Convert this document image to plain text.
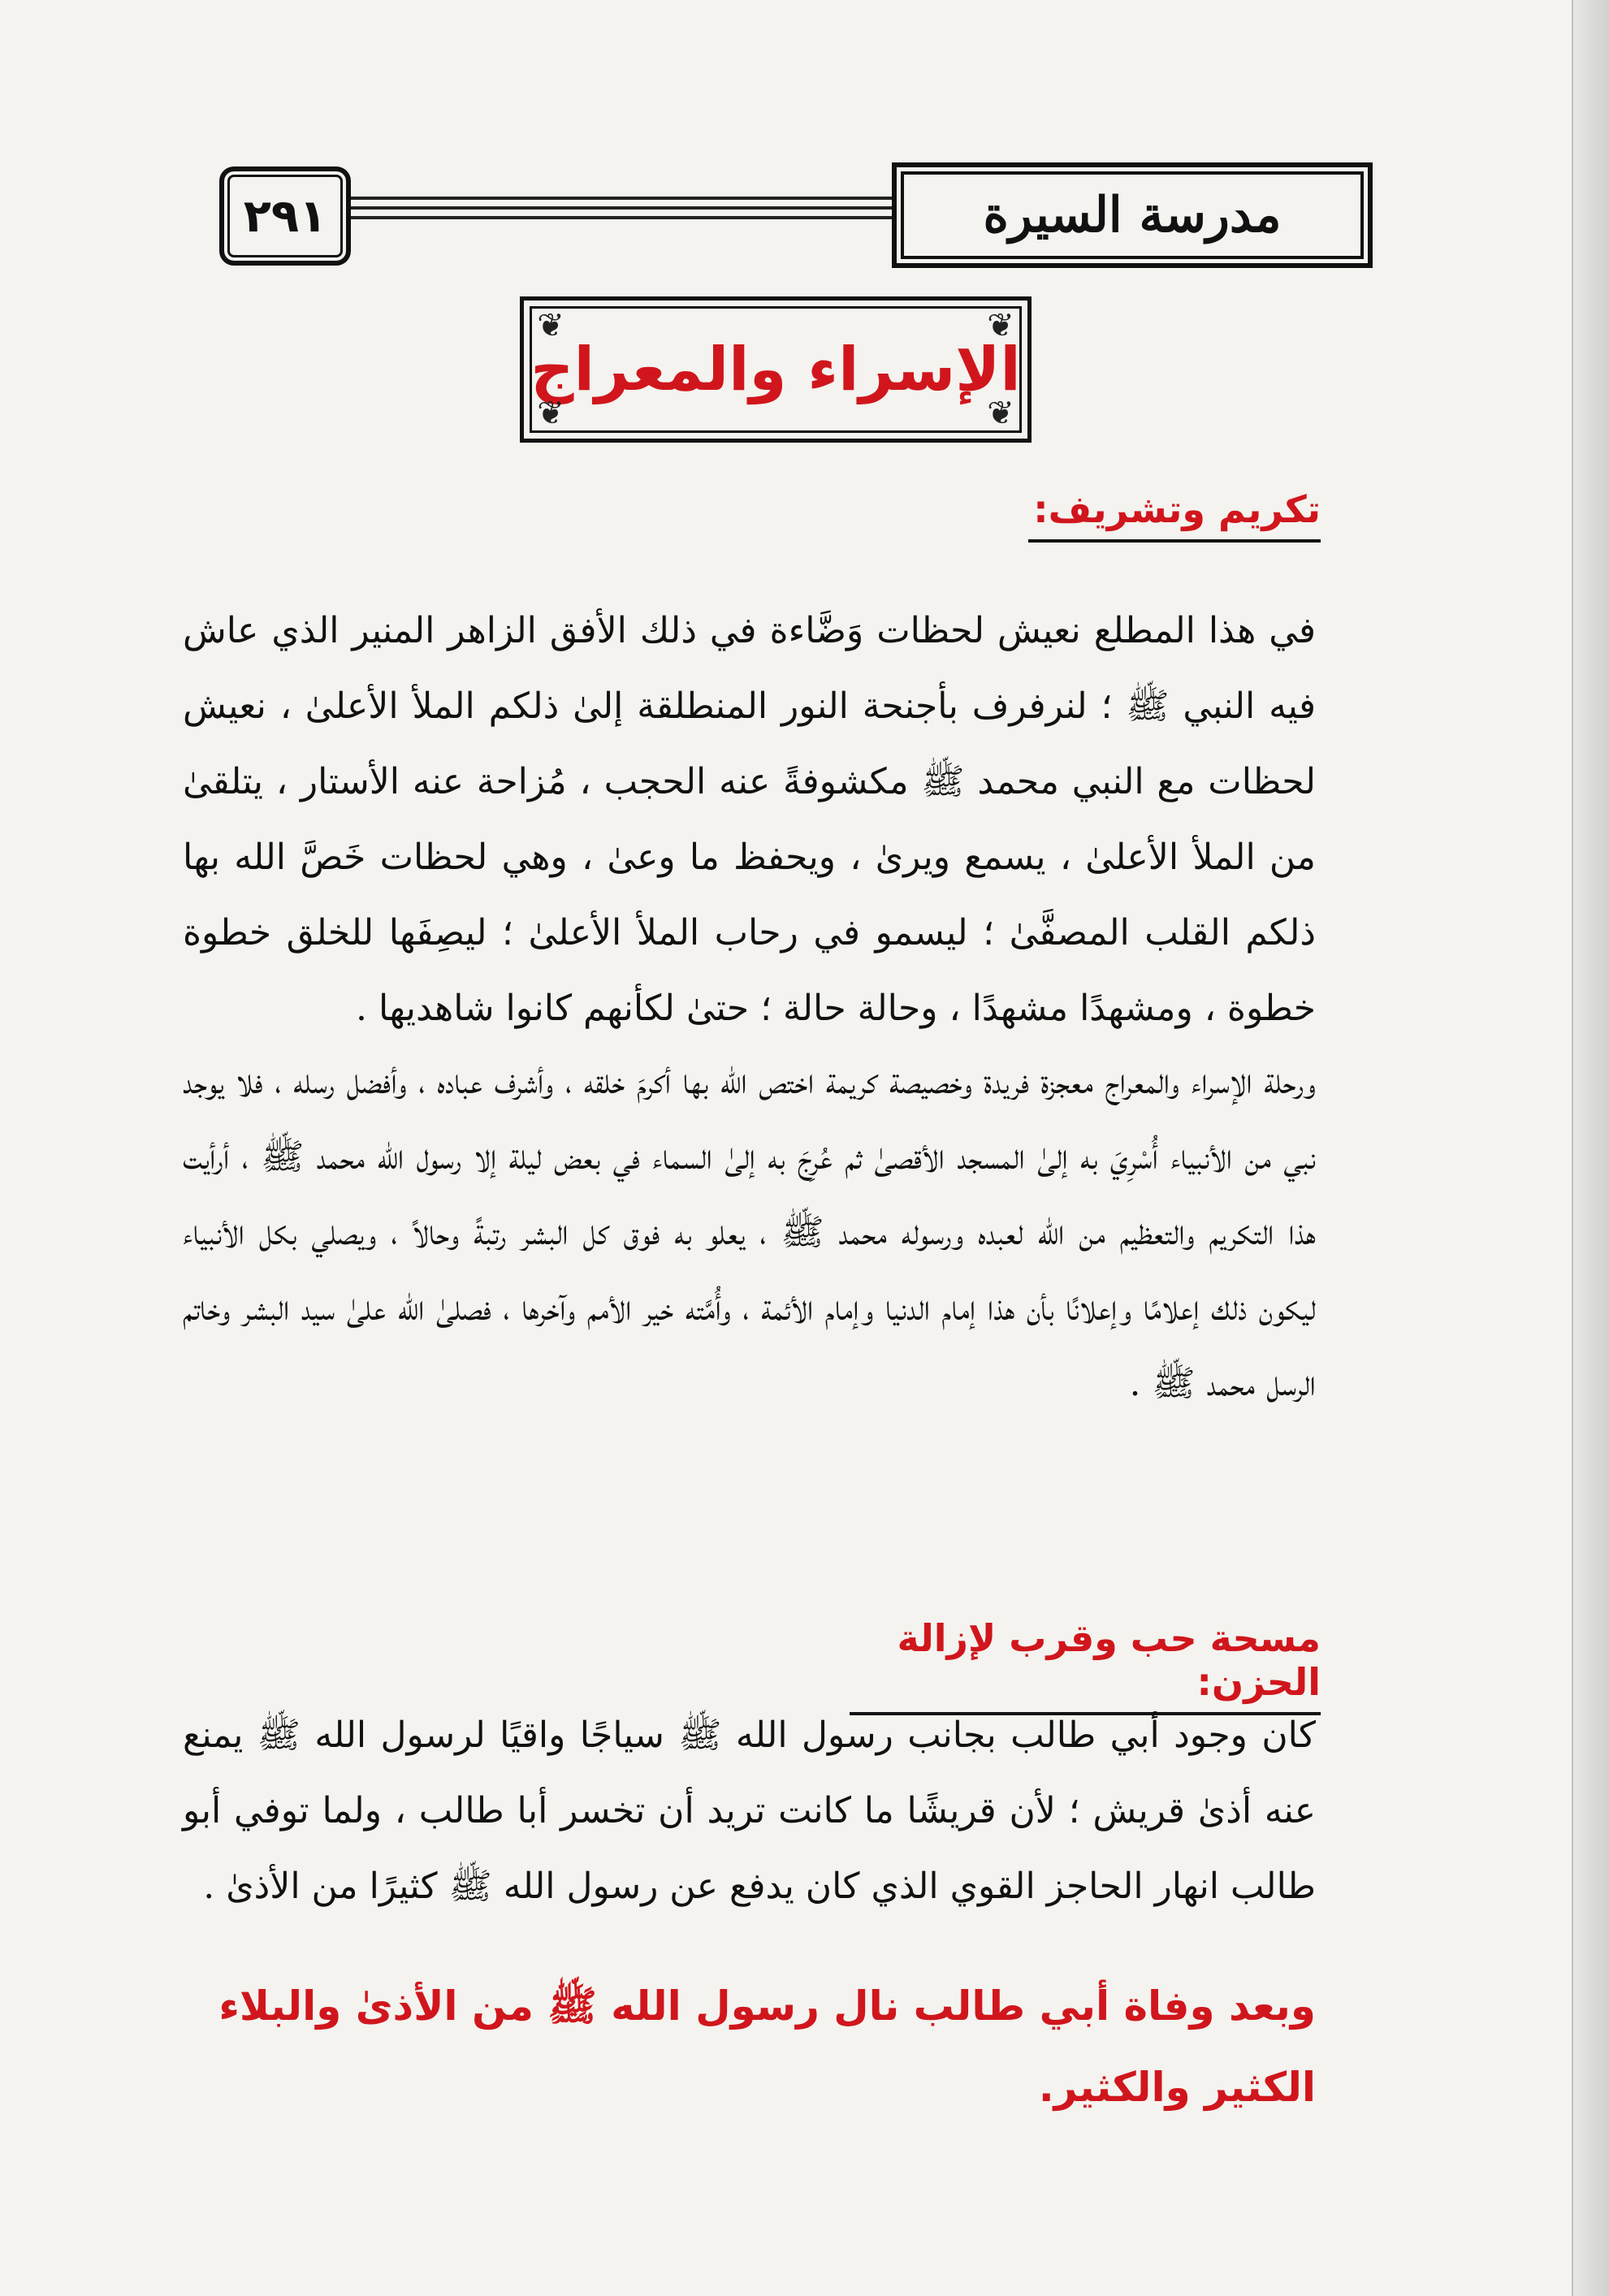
٢٩١	مدرسة السيرة
❦	❦
❦	❦
الإسراء والمعراج
تكريم وتشريف:
في هذا المطلع نعيش لحظات وَضَّاءة في ذلك الأفق الزاهر المنير الذي عاش فيه النبي ﷺ ؛ لنرفرف بأجنحة النور المنطلقة إلىٰ ذلكم الملأ الأعلىٰ ، نعيش لحظات مع النبي محمد ﷺ مكشوفةً عنه الحجب ، مُزاحة عنه الأستار ، يتلقىٰ من الملأ الأعلىٰ ، يسمع ويرىٰ ، ويحفظ ما وعىٰ ، وهي لحظات خَصَّ الله بها ذلكم القلب المصفَّىٰ ؛ ليسمو في رحاب الملأ الأعلىٰ ؛ ليصِفَها للخلق خطوة خطوة ، ومشهدًا مشهدًا ، وحالة حالة ؛ حتىٰ لكأنهم كانوا شاهديها .
ورحلة الإسراء والمعراج معجزة فريدة وخصيصة كريمة اختص الله بها أكرمَ خلقه ، وأشرف عباده ، وأفضل رسله ، فلا يوجد نبي من الأنبياء أُسْرِيَ به إلىٰ المسجد الأقصىٰ ثم عُرِجَ به إلىٰ السماء في بعض ليلة إلا رسول الله محمد ﷺ ، أرأيت هذا التكريم والتعظيم من الله لعبده ورسوله محمد ﷺ ، يعلو به فوق كل البشر رتبةً وحالاً ، ويصلي بكل الأنبياء ليكون ذلك إعلامًا وإعلانًا بأن هذا إمام الدنيا وإمام الأئمة ، وأُمَّته خير الأمم وآخرها ، فصلىٰ الله علىٰ سيد البشر وخاتم الرسل محمد ﷺ .
مسحة حب وقرب لإزالة الحزن:
كان وجود أبي طالب بجانب رسول الله ﷺ سياجًا واقيًا لرسول الله ﷺ يمنع عنه أذىٰ قريش ؛ لأن قريشًا ما كانت تريد أن تخسر أبا طالب ، ولما توفي أبو طالب انهار الحاجز القوي الذي كان يدفع عن رسول الله ﷺ كثيرًا من الأذىٰ .
وبعد وفاة أبي طالب نال رسول الله ﷺ من الأذىٰ والبلاء الكثير والكثير.
